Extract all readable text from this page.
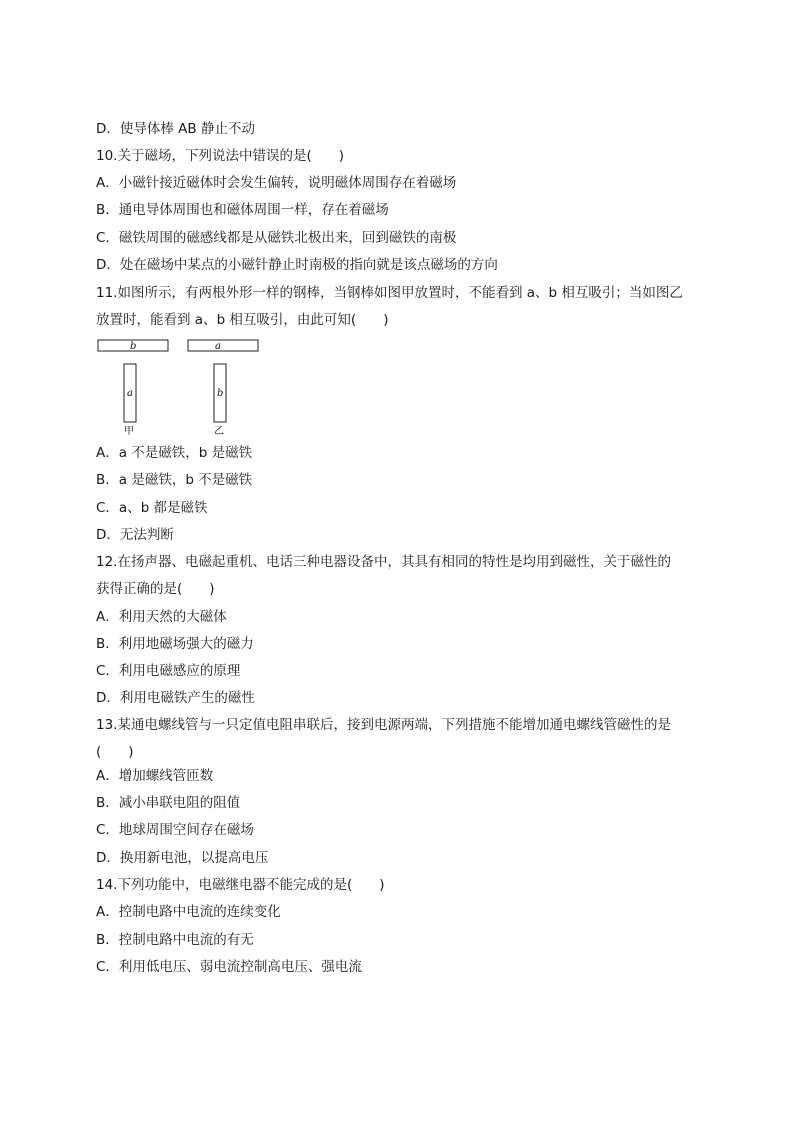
D．使导体棒 AB 静止不动
10.关于磁场，下列说法中错误的是(　　)
A．小磁针接近磁体时会发生偏转，说明磁体周围存在着磁场
B．通电导体周围也和磁体周围一样，存在着磁场
C．磁铁周围的磁感线都是从磁铁北极出来，回到磁铁的南极
D．处在磁场中某点的小磁针静止时南极的指向就是该点磁场的方向
11.如图所示，有两根外形一样的钢棒，当钢棒如图甲放置时，不能看到 a、b 相互吸引；当如图乙
放置时，能看到 a、b 相互吸引，由此可知(　　)
b
a
甲
a
b
乙
A．a 不是磁铁，b 是磁铁
B．a 是磁铁，b 不是磁铁
C．a、b 都是磁铁
D．无法判断
12.在扬声器、电磁起重机、电话三种电器设备中，其具有相同的特性是均用到磁性，关于磁性的
获得正确的是(　　)
A．利用天然的大磁体
B．利用地磁场强大的磁力
C．利用电磁感应的原理
D．利用电磁铁产生的磁性
13.某通电螺线管与一只定值电阻串联后，接到电源两端，下列措施不能增加通电螺线管磁性的是
(　　)
A．增加螺线管匝数
B．减小串联电阻的阻值
C．地球周围空间存在磁场
D．换用新电池，以提高电压
14.下列功能中，电磁继电器不能完成的是(　　)
A．控制电路中电流的连续变化
B．控制电路中电流的有无
C．利用低电压、弱电流控制高电压、强电流
